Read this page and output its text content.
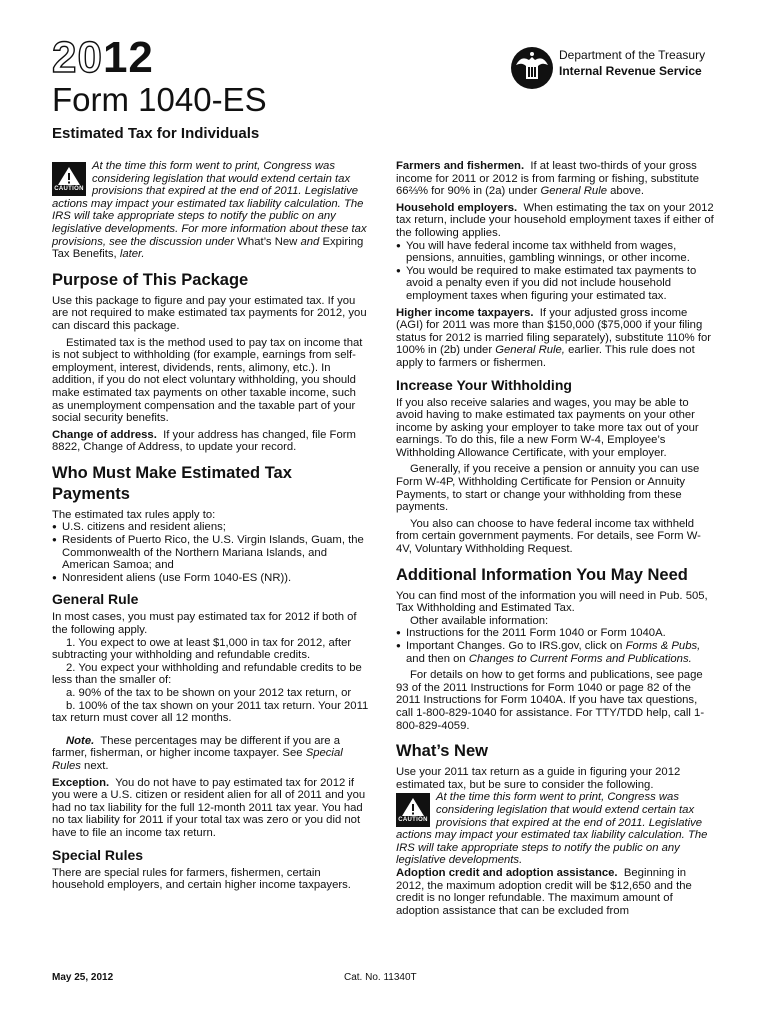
2012
Form 1040-ES
Estimated Tax for Individuals
Department of the Treasury
Internal Revenue Service
CAUTION
At the time this form went to print, Congress was considering legislation that would extend certain tax provisions that expired at the end of 2011. Legislative actions may impact your estimated tax liability calculation. The IRS will take appropriate steps to notify the public on any legislative developments. For more information about these tax provisions, see the discussion under What’s New and Expiring Tax Benefits, later.
Purpose of This Package

Use this package to figure and pay your estimated tax. If you are not required to make estimated tax payments for 2012, you can discard this package.

Estimated tax is the method used to pay tax on income that is not subject to withholding (for example, earnings from self-employment, interest, dividends, rents, alimony, etc.). In addition, if you do not elect voluntary withholding, you should make estimated tax payments on other taxable income, such as unemployment compensation and the taxable part of your social security benefits.

Change of address. If your address has changed, file Form 8822, Change of Address, to update your record.

Who Must Make Estimated Tax Payments

The estimated tax rules apply to:

● U.S. citizens and resident aliens;

● Residents of Puerto Rico, the U.S. Virgin Islands, Guam, the Commonwealth of the Northern Mariana Islands, and American Samoa; and

● Nonresident aliens (use Form 1040-ES (NR)).

General Rule

In most cases, you must pay estimated tax for 2012 if both of the following apply.

1. You expect to owe at least $1,000 in tax for 2012, after subtracting your withholding and refundable credits.

2. You expect your withholding and refundable credits to be less than the smaller of:

a. 90% of the tax to be shown on your 2012 tax return, or

b. 100% of the tax shown on your 2011 tax return. Your 2011 tax return must cover all 12 months.

Note. These percentages may be different if you are a farmer, fisherman, or higher income taxpayer. See Special Rules next.

Exception. You do not have to pay estimated tax for 2012 if you were a U.S. citizen or resident alien for all of 2011 and you had no tax liability for the full 12-month 2011 tax year. You had no tax liability for 2011 if your total tax was zero or you did not have to file an income tax return.

Special Rules

There are special rules for farmers, fishermen, certain household employers, and certain higher income taxpayers.

Farmers and fishermen. If at least two-thirds of your gross income for 2011 or 2012 is from farming or fishing, substitute 66⅔% for 90% in (2a) under General Rule above.

Household employers. When estimating the tax on your 2012 tax return, include your household employment taxes if either of the following applies.

● You will have federal income tax withheld from wages, pensions, annuities, gambling winnings, or other income.

● You would be required to make estimated tax payments to avoid a penalty even if you did not include household employment taxes when figuring your estimated tax.

Higher income taxpayers. If your adjusted gross income (AGI) for 2011 was more than $150,000 ($75,000 if your filing status for 2012 is married filing separately), substitute 110% for 100% in (2b) under General Rule, earlier. This rule does not apply to farmers or fishermen.

Increase Your Withholding

If you also receive salaries and wages, you may be able to avoid having to make estimated tax payments on your other income by asking your employer to take more tax out of your earnings. To do this, file a new Form W-4, Employee’s Withholding Allowance Certificate, with your employer.

Generally, if you receive a pension or annuity you can use Form W-4P, Withholding Certificate for Pension or Annuity Payments, to start or change your withholding from these payments.

You also can choose to have federal income tax withheld from certain government payments. For details, see Form W-4V, Voluntary Withholding Request.

Additional Information You May Need

You can find most of the information you will need in Pub. 505, Tax Withholding and Estimated Tax.

Other available information:

● Instructions for the 2011 Form 1040 or Form 1040A.

● Important Changes. Go to IRS.gov, click on Forms & Pubs, and then on Changes to Current Forms and Publications.

For details on how to get forms and publications, see page 93 of the 2011 Instructions for Form 1040 or page 82 of the 2011 Instructions for Form 1040A. If you have tax questions, call 1-800-829-1040 for assistance. For TTY/TDD help, call 1-800-829-4059.

What’s New

Use your 2011 tax return as a guide in figuring your 2012 estimated tax, but be sure to consider the following.

CAUTION
At the time this form went to print, Congress was considering legislation that would extend certain tax provisions that expired at the end of 2011. Legislative actions may impact your estimated tax liability calculation. The IRS will take appropriate steps to notify the public on any legislative developments.

Adoption credit and adoption assistance. Beginning in 2012, the maximum adoption credit will be $12,650 and the credit is no longer refundable. The maximum amount of adoption assistance that can be excluded from

May 25, 2012	Cat. No. 11340T
